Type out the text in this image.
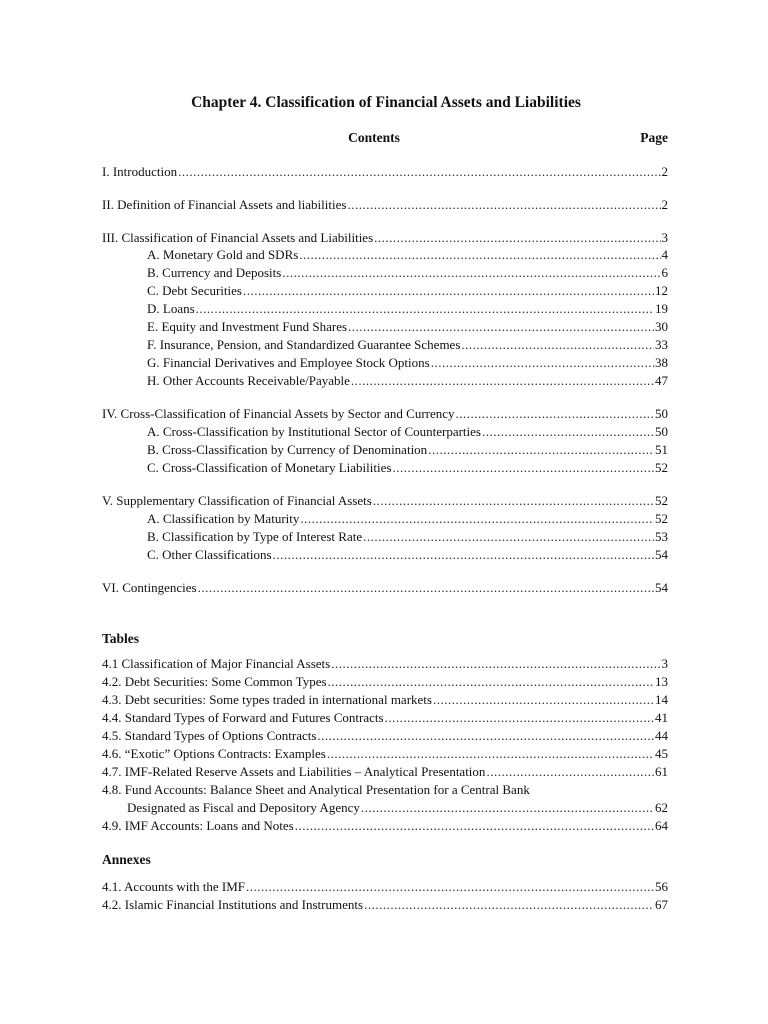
Chapter 4. Classification of Financial Assets and Liabilities
Contents	Page
I. Introduction .....	2
II. Definition of Financial Assets and liabilities .....	2
III. Classification of Financial Assets and Liabilities .....	3
A. Monetary Gold and SDRs .....	4
B. Currency and Deposits .....	6
C. Debt Securities .....	12
D. Loans .....	19
E. Equity and Investment Fund Shares .....	30
F. Insurance, Pension, and Standardized Guarantee Schemes .....	33
G. Financial Derivatives and Employee Stock Options .....	38
H. Other Accounts Receivable/Payable .....	47
IV. Cross-Classification of Financial Assets by Sector and Currency .....	50
A. Cross-Classification by Institutional Sector of Counterparties .....	50
B. Cross-Classification by Currency of Denomination .....	51
C. Cross-Classification of Monetary Liabilities .....	52
V. Supplementary Classification of Financial Assets .....	52
A. Classification by Maturity .....	52
B. Classification by Type of Interest Rate .....	53
C. Other Classifications .....	54
VI. Contingencies .....	54
Tables
4.1 Classification of Major Financial Assets .....	3
4.2. Debt Securities: Some Common Types .....	13
4.3. Debt securities: Some types traded in international markets .....	14
4.4. Standard Types of Forward and Futures Contracts .....	41
4.5. Standard Types of Options Contracts .....	44
4.6. “Exotic” Options Contracts: Examples .....	45
4.7. IMF-Related Reserve Assets and Liabilities – Analytical Presentation .....	61
4.8. Fund Accounts: Balance Sheet and Analytical Presentation for a Central Bank
Designated as Fiscal and Depository Agency .....	62
4.9. IMF Accounts: Loans and Notes .....	64
Annexes
4.1. Accounts with the IMF .....	56
4.2. Islamic Financial Institutions and Instruments .....	67
